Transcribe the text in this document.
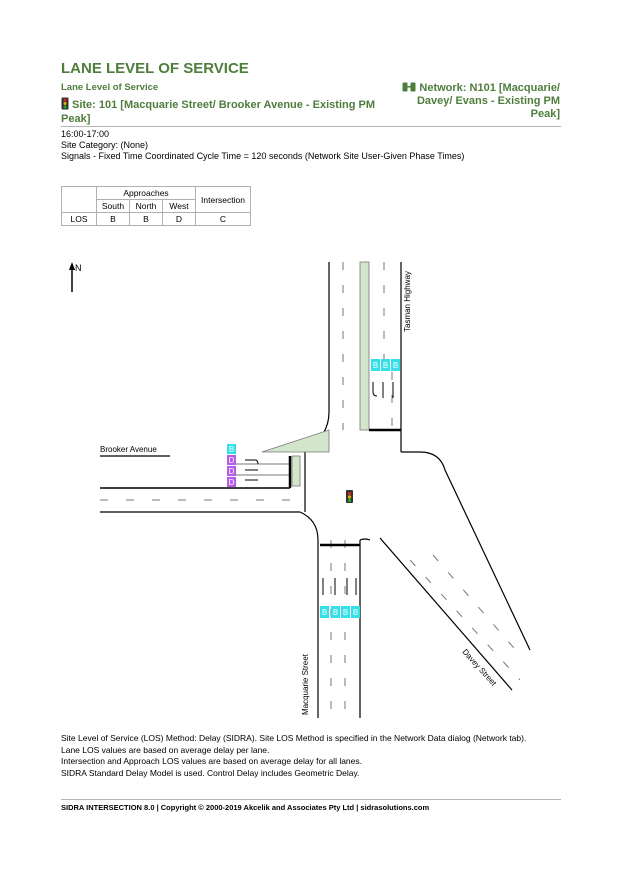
LANE LEVEL OF SERVICE
Lane Level of Service
Site: 101 [Macquarie Street/ Brooker Avenue - Existing PM Peak]
Network: N101 [Macquarie/ Davey/ Evans - Existing PM Peak]
16:00-17:00
Site Category: (None)
Signals - Fixed Time Coordinated Cycle Time = 120 seconds (Network Site User-Given Phase Times)
	Approaches			Intersection
	South	North	West	
LOS	B	B	D	C
N
B B B
B
D
D
D
B B B B
Brooker Avenue
Tasman Highway
Macquarie Street	Davey Street
Site Level of Service (LOS) Method: Delay (SIDRA). Site LOS Method is specified in the Network Data dialog (Network tab).
Lane LOS values are based on average delay per lane.
Intersection and Approach LOS values are based on average delay for all lanes.
SIDRA Standard Delay Model is used. Control Delay includes Geometric Delay.
SIDRA INTERSECTION 8.0 | Copyright © 2000-2019 Akcelik and Associates Pty Ltd | sidrasolutions.com
